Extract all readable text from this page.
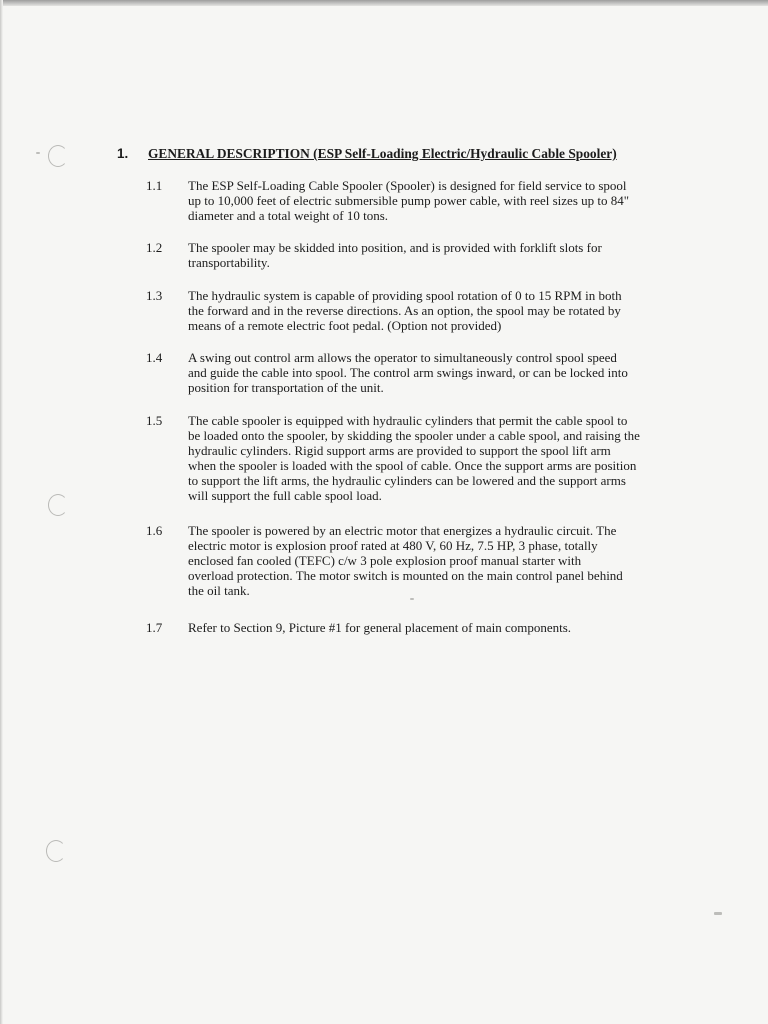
1.	GENERAL DESCRIPTION (ESP Self-Loading Electric/Hydraulic Cable Spooler)
1.1	The ESP Self-Loading Cable Spooler (Spooler) is designed for field service to spool
up to 10,000 feet of electric submersible pump power cable, with reel sizes up to 84"
diameter and a total weight of 10 tons.
1.2	The spooler may be skidded into position, and is provided with forklift slots for
transportability.
1.3	The hydraulic system is capable of providing spool rotation of 0 to 15 RPM in both
the forward and in the reverse directions. As an option, the spool may be rotated by
means of a remote electric foot pedal. (Option not provided)
1.4	A swing out control arm allows the operator to simultaneously control spool speed
and guide the cable into spool. The control arm swings inward, or can be locked into
position for transportation of the unit.
1.5	The cable spooler is equipped with hydraulic cylinders that permit the cable spool to
be loaded onto the spooler, by skidding the spooler under a cable spool, and raising the
hydraulic cylinders. Rigid support arms are provided to support the spool lift arm
when the spooler is loaded with the spool of cable. Once the support arms are position
to support the lift arms, the hydraulic cylinders can be lowered and the support arms
will support the full cable spool load.
1.6	The spooler is powered by an electric motor that energizes a hydraulic circuit. The
electric motor is explosion proof rated at 480 V, 60 Hz, 7.5 HP, 3 phase, totally
enclosed fan cooled (TEFC) c/w 3 pole explosion proof manual starter with
overload protection. The motor switch is mounted on the main control panel behind
the oil tank.
1.7	Refer to Section 9, Picture #1 for general placement of main components.
